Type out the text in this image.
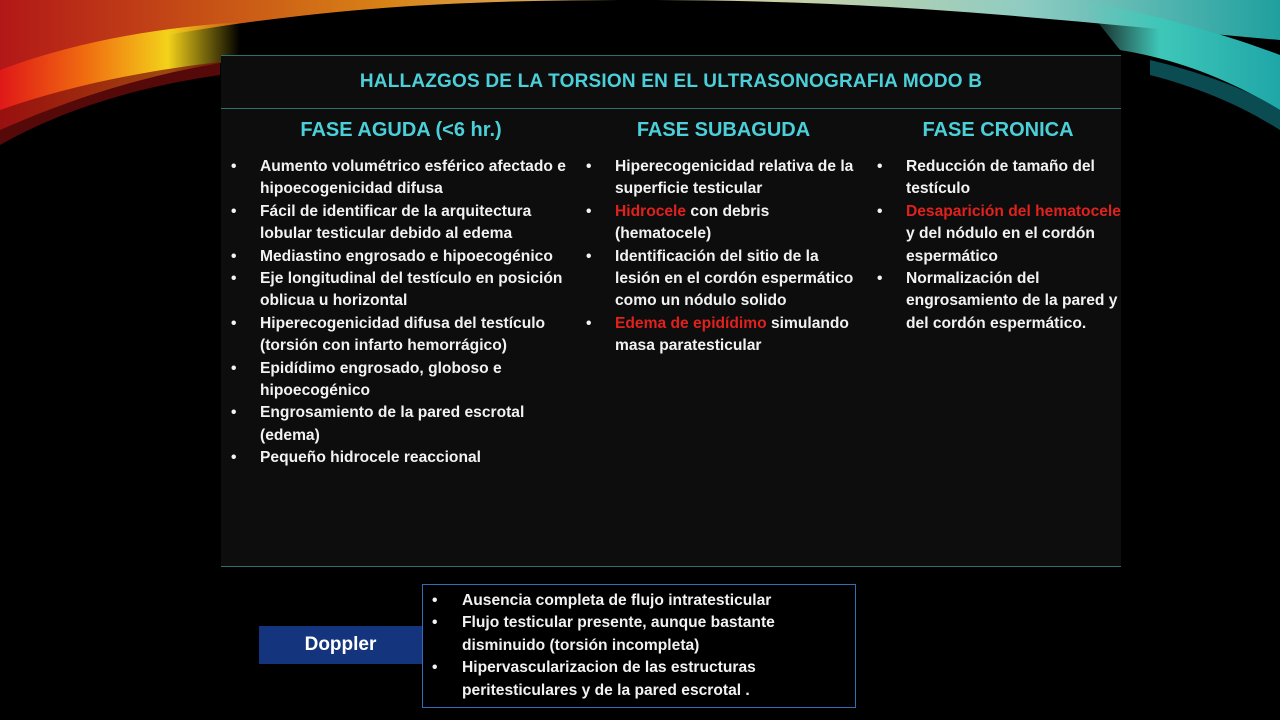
HALLAZGOS DE LA TORSION EN EL ULTRASONOGRAFIA MODO B
FASE AGUDA (<6 hr.)
• Aumento volumétrico esférico afectado e hipoecogenicidad difusa
• Fácil de identificar de la arquitectura lobular testicular debido al edema
• Mediastino engrosado e hipoecogénico
• Eje longitudinal del testículo en posición oblicua u horizontal
• Hiperecogenicidad difusa del testículo (torsión con infarto hemorrágico)
• Epidídimo engrosado, globoso e hipoecogénico
• Engrosamiento de la pared escrotal (edema)
• Pequeño hidrocele reaccional
FASE SUBAGUDA
• Hiperecogenicidad relativa de la superficie testicular
• Hidrocele con debris (hematocele)
• Identificación del sitio de la lesión en el cordón espermático como un nódulo solido
• Edema de epidídimo simulando masa paratesticular
FASE CRONICA
• Reducción de tamaño del testículo
• Desaparición del hematocele y del nódulo en el cordón espermático
• Normalización del engrosamiento de la pared y del cordón espermático.
Doppler
• Ausencia completa de flujo intratesticular
• Flujo testicular presente, aunque bastante disminuido (torsión incompleta)
• Hipervascularizacion de las estructuras peritesticulares y de la pared escrotal .
